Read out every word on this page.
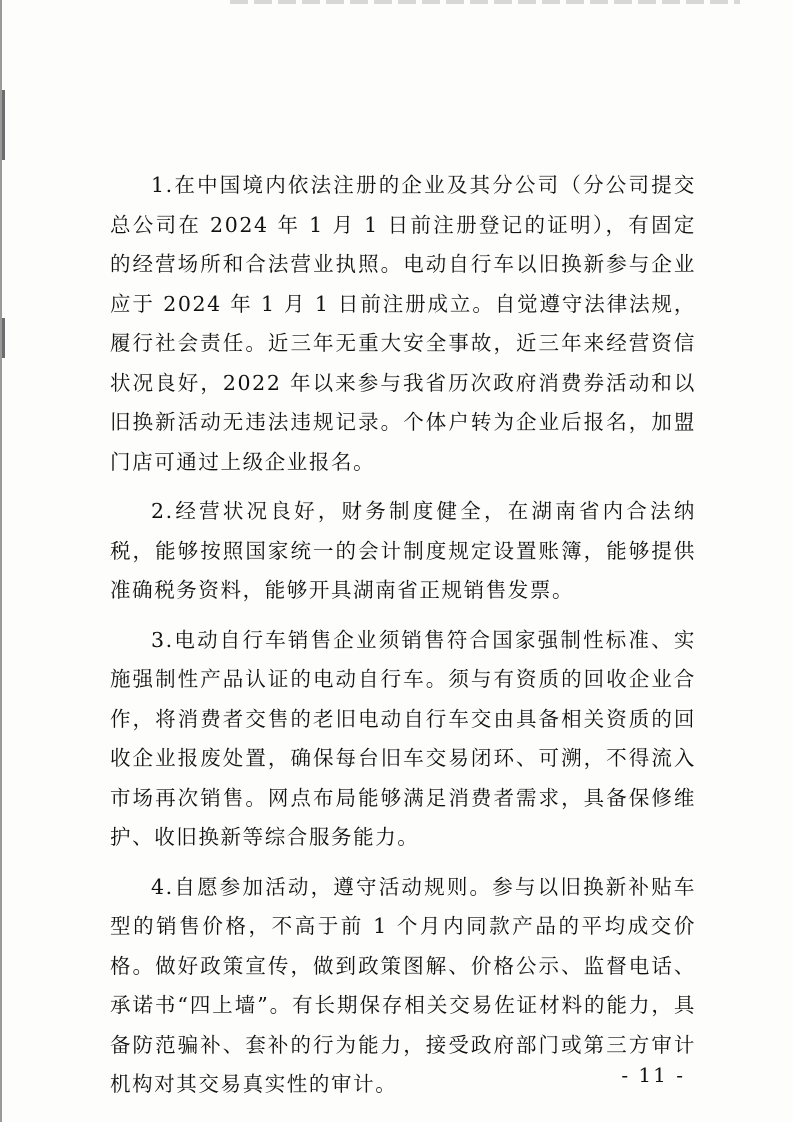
1.在中国境内依法注册的企业及其分公司（分公司提交总公司在 2024 年 1 月 1 日前注册登记的证明），有固定的经营场所和合法营业执照。电动自行车以旧换新参与企业应于 2024 年 1 月 1 日前注册成立。自觉遵守法律法规，履行社会责任。近三年无重大安全事故，近三年来经营资信状况良好，2022 年以来参与我省历次政府消费券活动和以旧换新活动无违法违规记录。个体户转为企业后报名，加盟门店可通过上级企业报名。

2.经营状况良好，财务制度健全，在湖南省内合法纳税，能够按照国家统一的会计制度规定设置账簿，能够提供准确税务资料，能够开具湖南省正规销售发票。

3.电动自行车销售企业须销售符合国家强制性标准、实施强制性产品认证的电动自行车。须与有资质的回收企业合作，将消费者交售的老旧电动自行车交由具备相关资质的回收企业报废处置，确保每台旧车交易闭环、可溯，不得流入市场再次销售。网点布局能够满足消费者需求，具备保修维护、收旧换新等综合服务能力。

4.自愿参加活动，遵守活动规则。参与以旧换新补贴车型的销售价格，不高于前 1 个月内同款产品的平均成交价格。做好政策宣传，做到政策图解、价格公示、监督电话、承诺书“四上墙”。有长期保存相关交易佐证材料的能力，具备防范骗补、套补的行为能力，接受政府部门或第三方审计机构对其交易真实性的审计。	- 11 -
